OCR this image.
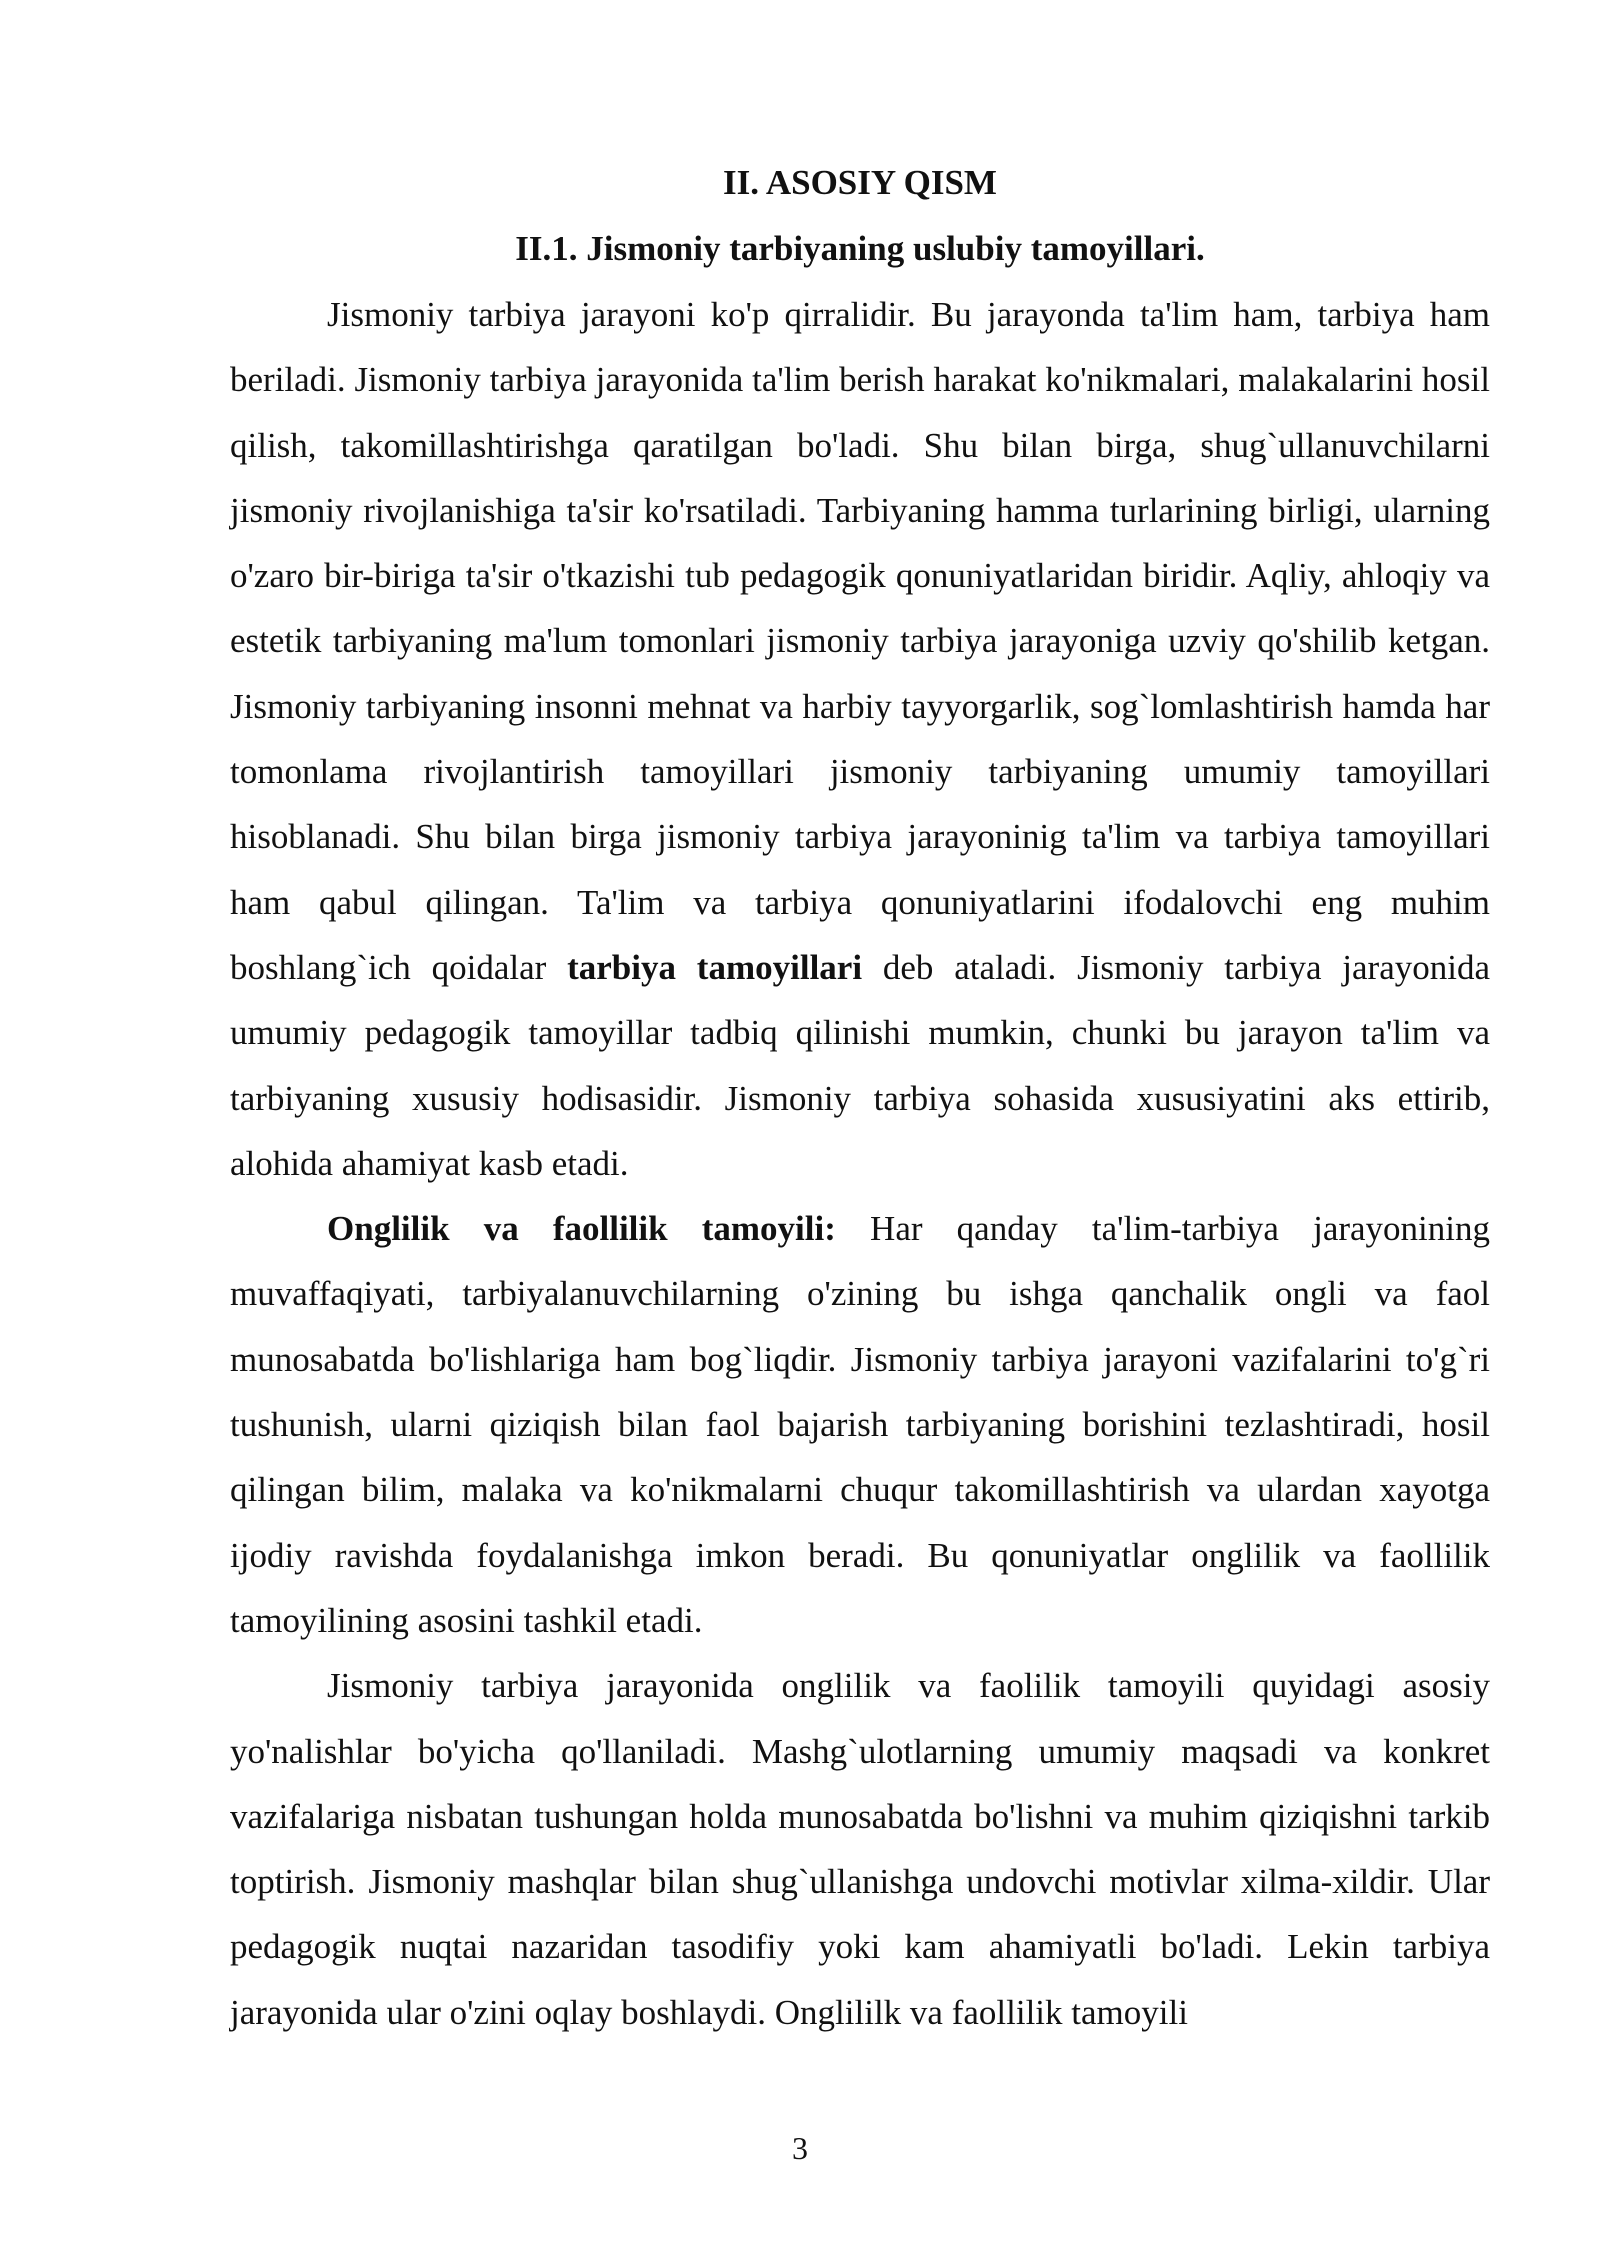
II. ASOSIY QISM
II.1. Jismoniy tarbiyaning uslubiy tamoyillari.

Jismoniy tarbiya jarayoni ko'p qirralidir. Bu jarayonda ta'lim ham, tarbiya ham beriladi. Jismoniy tarbiya jarayonida ta'lim berish harakat ko'nikmalari, malakalarini hosil qilish, takomillashtirishga qaratilgan bo'ladi. Shu bilan birga, shug`ullanuvchilarni jismoniy rivojlanishiga ta'sir ko'rsatiladi. Tarbiyaning hamma turlarining birligi, ularning o'zaro bir-biriga ta'sir o'tkazishi tub pedagogik qonuniyatlaridan biridir. Aqliy, ahloqiy va estetik tarbiyaning ma'lum tomonlari jismoniy tarbiya jarayoniga uzviy qo'shilib ketgan. Jismoniy tarbiyaning insonni mehnat va harbiy tayyorgarlik, sog`lomlashtirish hamda har tomonlama rivojlantirish tamoyillari jismoniy tarbiyaning umumiy tamoyillari hisoblanadi. Shu bilan birga jismoniy tarbiya jarayoninig ta'lim va tarbiya tamoyillari ham qabul qilingan. Ta'lim va tarbiya qonuniyatlarini ifodalovchi eng muhim boshlang`ich qoidalar tarbiya tamoyillari deb ataladi. Jismoniy tarbiya jarayonida umumiy pedagogik tamoyillar tadbiq qilinishi mumkin, chunki bu jarayon ta'lim va tarbiyaning xususiy hodisasidir. Jismoniy tarbiya sohasida xususiyatini aks ettirib, alohida ahamiyat kasb etadi.

Onglilik va faollilik tamoyili: Har qanday ta'lim-tarbiya jarayonining muvaffaqiyati, tarbiyalanuvchilarning o'zining bu ishga qanchalik ongli va faol munosabatda bo'lishlariga ham bog`liqdir. Jismoniy tarbiya jarayoni vazifalarini to'g`ri tushunish, ularni qiziqish bilan faol bajarish tarbiyaning borishini tezlashtiradi, hosil qilingan bilim, malaka va ko'nikmalarni chuqur takomillashtirish va ulardan xayotga ijodiy ravishda foydalanishga imkon beradi. Bu qonuniyatlar onglilik va faollilik tamoyilining asosini tashkil etadi.

Jismoniy tarbiya jarayonida onglilik va faolilik tamoyili quyidagi asosiy yo'nalishlar bo'yicha qo'llaniladi. Mashg`ulotlarning umumiy maqsadi va konkret vazifalariga nisbatan tushungan holda munosabatda bo'lishni va muhim qiziqishni tarkib toptirish. Jismoniy mashqlar bilan shug`ullanishga undovchi motivlar xilma-xildir. Ular pedagogik nuqtai nazaridan tasodifiy yoki kam ahamiyatli bo'ladi. Lekin tarbiya jarayonida ular o'zini oqlay boshlaydi. Onglililk va faollilik tamoyili

3
